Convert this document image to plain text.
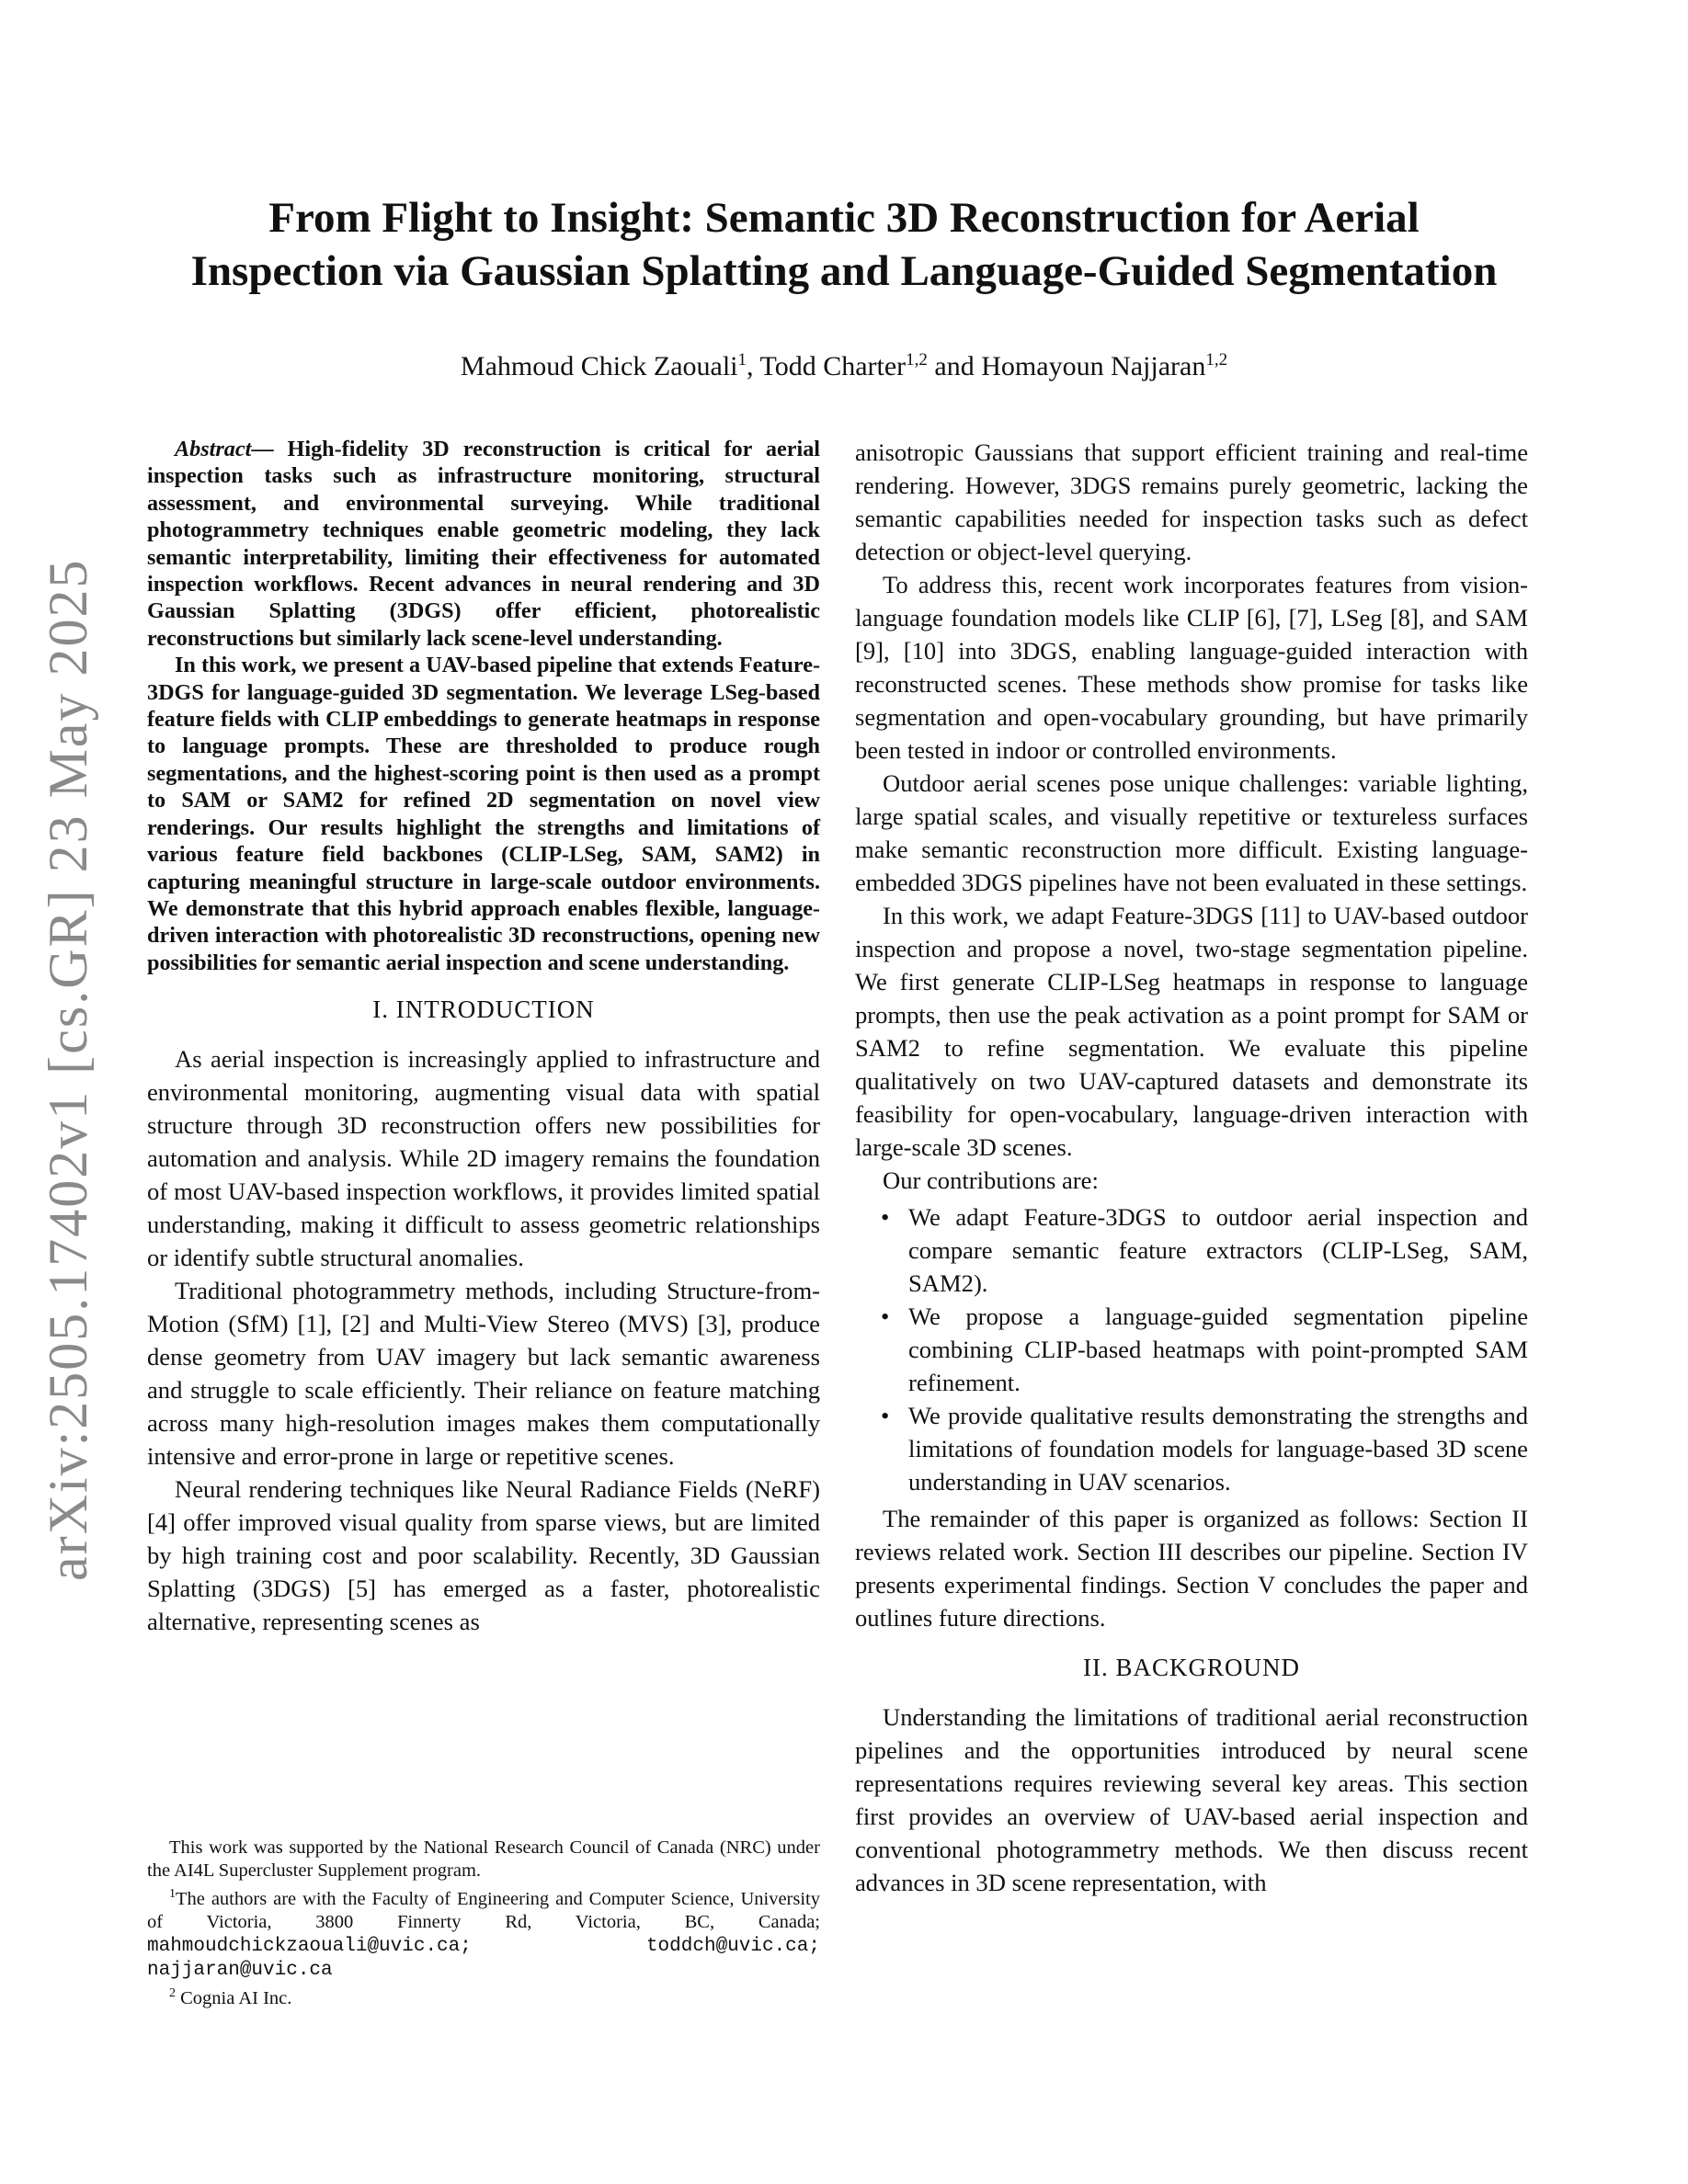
arXiv:2505.17402v1 [cs.GR] 23 May 2025
From Flight to Insight: Semantic 3D Reconstruction for Aerial
Inspection via Gaussian Splatting and Language-Guided Segmentation
Mahmoud Chick Zaouali$^1$, Todd Charter$^{1,2}$ and Homayoun Najjaran$^{1,2}$

Abstract— High-fidelity 3D reconstruction is critical for aerial inspection tasks such as infrastructure monitoring, structural assessment, and environmental surveying. While traditional photogrammetry techniques enable geometric modeling, they lack semantic interpretability, limiting their effectiveness for automated inspection workflows. Recent advances in neural rendering and 3D Gaussian Splatting (3DGS) offer efficient, photorealistic reconstructions but similarly lack scene-level understanding.

In this work, we present a UAV-based pipeline that extends Feature-3DGS for language-guided 3D segmentation. We leverage LSeg-based feature fields with CLIP embeddings to generate heatmaps in response to language prompts. These are thresholded to produce rough segmentations, and the highest-scoring point is then used as a prompt to SAM or SAM2 for refined 2D segmentation on novel view renderings. Our results highlight the strengths and limitations of various feature field backbones (CLIP-LSeg, SAM, SAM2) in capturing meaningful structure in large-scale outdoor environments. We demonstrate that this hybrid approach enables flexible, language-driven interaction with photorealistic 3D reconstructions, opening new possibilities for semantic aerial inspection and scene understanding.

I. INTRODUCTION

As aerial inspection is increasingly applied to infrastructure and environmental monitoring, augmenting visual data with spatial structure through 3D reconstruction offers new possibilities for automation and analysis. While 2D imagery remains the foundation of most UAV-based inspection workflows, it provides limited spatial understanding, making it difficult to assess geometric relationships or identify subtle structural anomalies.

Traditional photogrammetry methods, including Structure-from-Motion (SfM) [1], [2] and Multi-View Stereo (MVS) [3], produce dense geometry from UAV imagery but lack semantic awareness and struggle to scale efficiently. Their reliance on feature matching across many high-resolution images makes them computationally intensive and error-prone in large or repetitive scenes.

Neural rendering techniques like Neural Radiance Fields (NeRF) [4] offer improved visual quality from sparse views, but are limited by high training cost and poor scalability. Recently, 3D Gaussian Splatting (3DGS) [5] has emerged as a faster, photorealistic alternative, representing scenes as

This work was supported by the National Research Council of Canada (NRC) under the AI4L Supercluster Supplement program.

$^1$The authors are with the Faculty of Engineering and Computer Science, University of Victoria, 3800 Finnerty Rd, Victoria, BC, Canada; mahmoudchickzaouali@uvic.ca; toddch@uvic.ca; najjaran@uvic.ca

$^2$ Cognia AI Inc.

anisotropic Gaussians that support efficient training and real-time rendering. However, 3DGS remains purely geometric, lacking the semantic capabilities needed for inspection tasks such as defect detection or object-level querying.

To address this, recent work incorporates features from vision-language foundation models like CLIP [6], [7], LSeg [8], and SAM [9], [10] into 3DGS, enabling language-guided interaction with reconstructed scenes. These methods show promise for tasks like segmentation and open-vocabulary grounding, but have primarily been tested in indoor or controlled environments.

Outdoor aerial scenes pose unique challenges: variable lighting, large spatial scales, and visually repetitive or textureless surfaces make semantic reconstruction more difficult. Existing language-embedded 3DGS pipelines have not been evaluated in these settings.

In this work, we adapt Feature-3DGS [11] to UAV-based outdoor inspection and propose a novel, two-stage segmentation pipeline. We first generate CLIP-LSeg heatmaps in response to language prompts, then use the peak activation as a point prompt for SAM or SAM2 to refine segmentation. We evaluate this pipeline qualitatively on two UAV-captured datasets and demonstrate its feasibility for open-vocabulary, language-driven interaction with large-scale 3D scenes.

Our contributions are:

• We adapt Feature-3DGS to outdoor aerial inspection and compare semantic feature extractors (CLIP-LSeg, SAM, SAM2).
• We propose a language-guided segmentation pipeline combining CLIP-based heatmaps with point-prompted SAM refinement.
• We provide qualitative results demonstrating the strengths and limitations of foundation models for language-based 3D scene understanding in UAV scenarios.

The remainder of this paper is organized as follows: Section II reviews related work. Section III describes our pipeline. Section IV presents experimental findings. Section V concludes the paper and outlines future directions.

II. BACKGROUND

Understanding the limitations of traditional aerial reconstruction pipelines and the opportunities introduced by neural scene representations requires reviewing several key areas. This section first provides an overview of UAV-based aerial inspection and conventional photogrammetry methods. We then discuss recent advances in 3D scene representation, with
